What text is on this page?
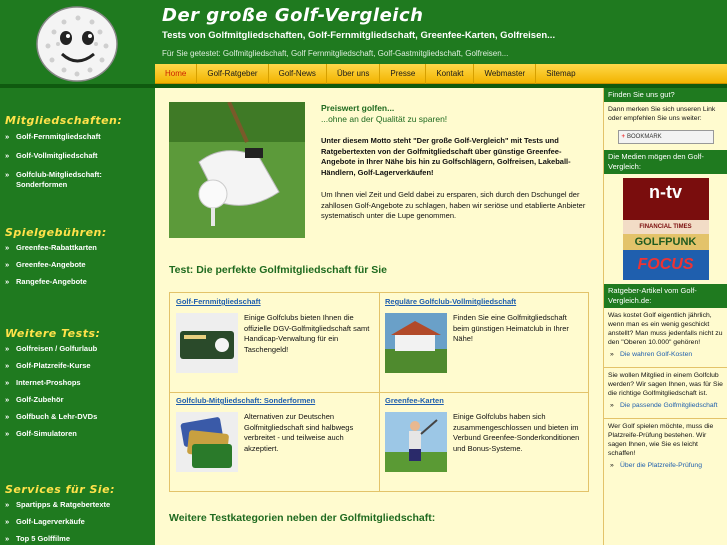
Der große Golf-Vergleich
Tests von Golfmitgliedschaften, Golf-Fernmitgliedschaft, Greenfee-Karten, Golfreisen...
Für Sie getestet: Golfmitgliedschaft, Golf Fernmitgliedschaft, Golf-Gastmitgliedschaft, Golfreisen...
Home	Golf-Ratgeber	Golf-News	Über uns	Presse	Kontakt	Webmaster	Sitemap
Mitgliedschaften:
» Golf-Fernmitgliedschaft
» Golf-Vollmitgliedschaft
» Golfclub-Mitgliedschaft: Sonderformen
Spielgebühren:
» Greenfee-Rabattkarten
» Greenfee-Angebote
» Rangefee-Angebote
Weitere Tests:
» Golfreisen / Golfurlaub
» Golf-Platzreife-Kurse
» Internet-Proshops
» Golf-Zubehör
» Golfbuch & Lehr-DVDs
» Golf-Simulatoren
Services für Sie:
» Spartipps & Ratgebertexte
» Golf-Lagerverkäufe
» Top 5 Golffilme
Preiswert golfen...
...ohne an der Qualität zu sparen!
Unter diesem Motto steht "Der große Golf-Vergleich" mit Tests und Ratgebertexten von der Golfmitgliedschaft über günstige Greenfee-Angebote in Ihrer Nähe bis hin zu Golfschlägern, Golfreisen, Lakeball-Händlern, Golf-Lagerverkäufen!
Um Ihnen viel Zeit und Geld dabei zu ersparen, sich durch den Dschungel der zahllosen Golf-Angebote zu schlagen, haben wir seriöse und etablierte Anbieter systematisch unter die Lupe genommen.
Test: Die perfekte Golfmitgliedschaft für Sie
Golf-Fernmitgliedschaft
Einige Golfclubs bieten Ihnen die offizielle DGV-Golfmitgliedschaft samt Handicap-Verwaltung für ein Taschengeld!
Reguläre Golfclub-Vollmitgliedschaft
Finden Sie eine Golfmitgliedschaft beim günstigen Heimatclub in Ihrer Nähe!
Golfclub-Mitgliedschaft: Sonderformen
Alternativen zur Deutschen Golfmitgliedschaft sind halbwegs verbreitet - und teilweise auch akzeptiert.
Greenfee-Karten
Einige Golfclubs haben sich zusammengeschlossen und bieten im Verbund Greenfee-Sonderkonditionen und Bonus-Systeme.
Weitere Testkategorien neben der Golfmitgliedschaft:
Finden Sie uns gut?
Dann merken Sie sich unseren Link oder empfehlen Sie uns weiter:
+ BOOKMARK
Die Medien mögen den Golf-Vergleich:
n-tv
FINANCIAL TIMES
GOLFPUNK
FOCUS
Ratgeber-Artikel vom Golf-Vergleich.de:
Was kostet Golf eigentlich jährlich, wenn man es ein wenig geschickt anstellt? Man muss jedenfalls nicht zu den "Oberen 10.000" gehören!
» Die wahren Golf-Kosten
Sie wollen Mitglied in einem Golfclub werden? Wir sagen Ihnen, was für Sie die richtige Golfmitgliedschaft ist.
» Die passende Golfmitgliedschaft
Wer Golf spielen möchte, muss die Platzreife-Prüfung bestehen. Wir sagen Ihnen, wie Sie es leicht schaffen!
» Über die Platzreife-Prüfung
